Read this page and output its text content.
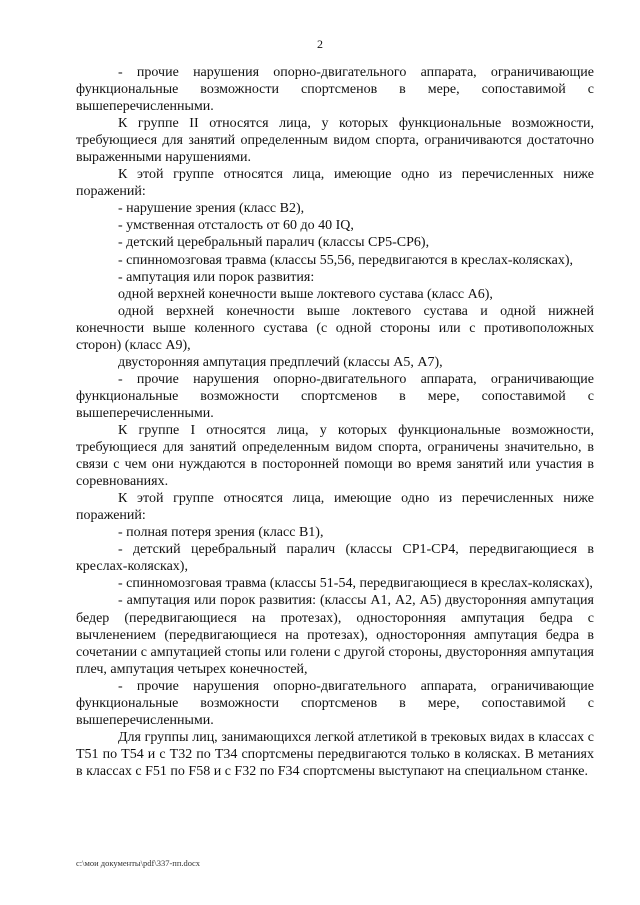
2

- прочие нарушения опорно-двигательного аппарата, ограничивающие функциональные возможности спортсменов в мере, сопоставимой с вышеперечисленными.

К группе II относятся лица, у которых функциональные возможности, требующиеся для занятий определенным видом спорта, ограничиваются достаточно выраженными нарушениями.

К этой группе относятся лица, имеющие одно из перечисленных ниже поражений:

- нарушение зрения (класс В2),

- умственная отсталость от 60 до 40 IQ,

- детский церебральный паралич (классы СР5-СР6),

- спинномозговая травма (классы 55,56, передвигаются в креслах-колясках),

- ампутация или порок развития:

одной верхней конечности выше локтевого сустава (класс А6),

одной верхней конечности выше локтевого сустава и одной нижней конечности выше коленного сустава (с одной стороны или с противоположных сторон) (класс А9),

двусторонняя ампутация предплечий (классы А5, А7),

- прочие нарушения опорно-двигательного аппарата, ограничивающие функциональные возможности спортсменов в мере, сопоставимой с вышеперечисленными.

К группе I относятся лица, у которых функциональные возможности, требующиеся для занятий определенным видом спорта, ограничены значительно, в связи с чем они нуждаются в посторонней помощи во время занятий или участия в соревнованиях.

К этой группе относятся лица, имеющие одно из перечисленных ниже поражений:

- полная потеря зрения (класс В1),

- детский церебральный паралич (классы СР1-СР4, передвигающиеся в креслах-колясках),

- спинномозговая травма (классы 51-54, передвигающиеся в креслах-колясках),

- ампутация или порок развития: (классы А1, А2, А5) двусторонняя ампутация бедер (передвигающиеся на протезах), односторонняя ампутация бедра с вычленением (передвигающиеся на протезах), односторонняя ампутация бедра в сочетании с ампутацией стопы или голени с другой стороны, двусторонняя ампутация плеч, ампутация четырех конечностей,

- прочие нарушения опорно-двигательного аппарата, ограничивающие функциональные возможности спортсменов в мере, сопоставимой с вышеперечисленными.

Для группы лиц, занимающихся легкой атлетикой в трековых видах в классах с Т51 по Т54 и с Т32 по Т34 спортсмены передвигаются только в колясках. В метаниях в классах с F51 по F58 и с F32 по F34 спортсмены выступают на специальном станке.

c:\мои документы\pdf\337-пп.docx
